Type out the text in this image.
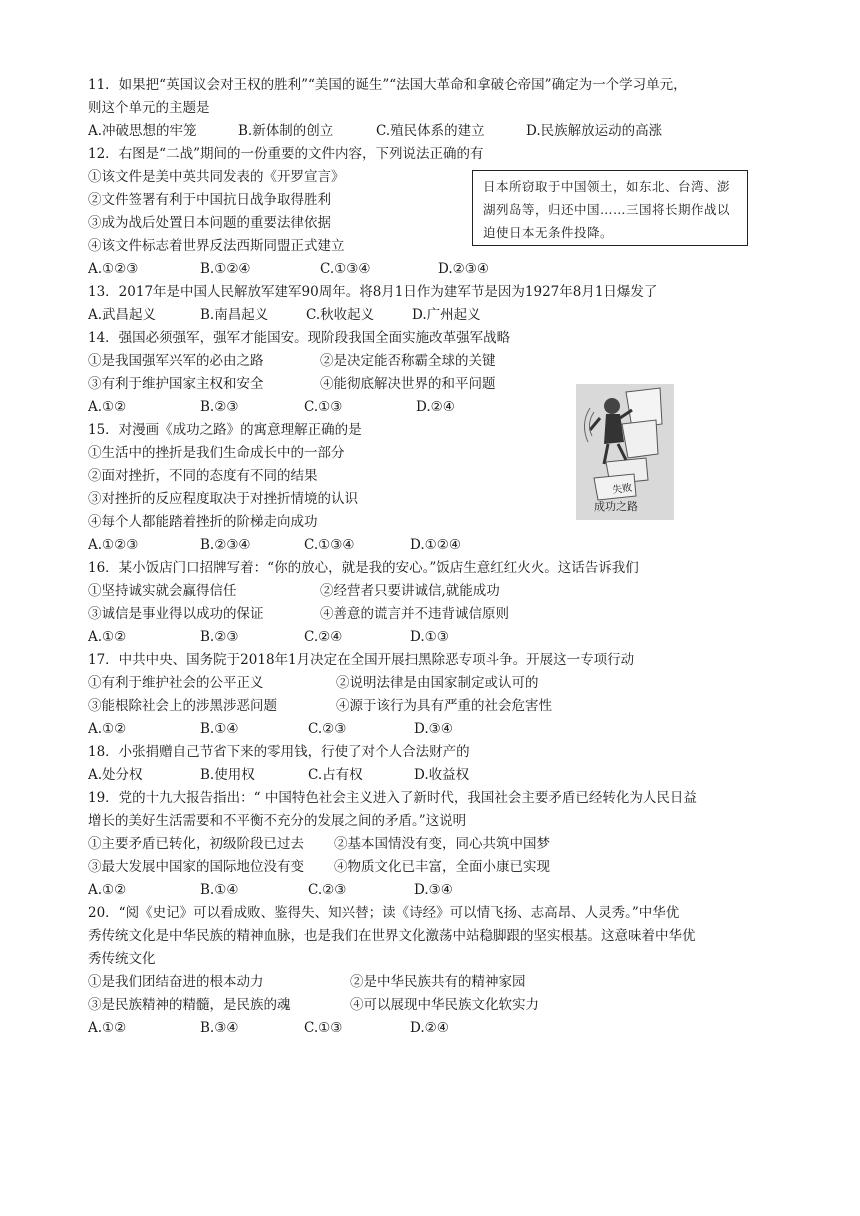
11．如果把“英国议会对王权的胜利”“美国的诞生”“法国大革命和拿破仑帝国”确定为一个学习单元，
则这个单元的主题是
A.冲破思想的牢笼	B.新体制的创立	C.殖民体系的建立	D.民族解放运动的高涨
12．右图是“二战”期间的一份重要的文件内容，下列说法正确的有
①该文件是美中英共同发表的《开罗宣言》
②文件签署有利于中国抗日战争取得胜利
③成为战后处置日本问题的重要法律依据
④该文件标志着世界反法西斯同盟正式建立
A.①②③	B.①②④	C.①③④	D.②③④
13．2017年是中国人民解放军建军90周年。将8月1日作为建军节是因为1927年8月1日爆发了
A.武昌起义	B.南昌起义	C.秋收起义	D.广州起义
14．强国必须强军，强军才能国安。现阶段我国全面实施改革强军战略
①是我国强军兴军的必由之路	②是决定能否称霸全球的关键
③有利于维护国家主权和安全	④能彻底解决世界的和平问题
A.①②	B.②③	C.①③	D.②④
15．对漫画《成功之路》的寓意理解正确的是
①生活中的挫折是我们生命成长中的一部分
②面对挫折，不同的态度有不同的结果
③对挫折的反应程度取决于对挫折情境的认识
④每个人都能踏着挫折的阶梯走向成功
A.①②③	B.②③④	C.①③④	D.①②④
16．某小饭店门口招牌写着：“你的放心，就是我的安心。”饭店生意红红火火。这话告诉我们
①坚持诚实就会赢得信任	②经营者只要讲诚信,就能成功
③诚信是事业得以成功的保证	④善意的谎言并不违背诚信原则
A.①②	B.②③	C.②④	D.①③
17．中共中央、国务院于2018年1月决定在全国开展扫黑除恶专项斗争。开展这一专项行动
①有利于维护社会的公平正义	②说明法律是由国家制定或认可的
③能根除社会上的涉黑涉恶问题	④源于该行为具有严重的社会危害性
A.①②	B.①④	C.②③	D.③④
18．小张捐赠自己节省下来的零用钱，行使了对个人合法财产的
A.处分权	B.使用权	C.占有权	D.收益权
19．党的十九大报告指出：“ 中国特色社会主义进入了新时代，我国社会主要矛盾已经转化为人民日益
增长的美好生活需要和不平衡不充分的发展之间的矛盾。”这说明
①主要矛盾已转化，初级阶段已过去	②基本国情没有变，同心共筑中国梦
③最大发展中国家的国际地位没有变	④物质文化已丰富，全面小康已实现
A.①②	B.①④	C.②③	D.③④
20．“阅《史记》可以看成败、鉴得失、知兴替；读《诗经》可以情飞扬、志高昂、人灵秀。”中华优
秀传统文化是中华民族的精神血脉，也是我们在世界文化激荡中站稳脚跟的坚实根基。这意味着中华优
秀传统文化
①是我们团结奋进的根本动力	②是中华民族共有的精神家园
③是民族精神的精髓，是民族的魂	④可以展现中华民族文化软实力
A.①②	B.③④	C.①③	D.②④
日本所窃取于中国领土，如东北、台湾、澎湖列岛等，归还中国……三国将长期作战以迫使日本无条件投降。
失败
成功之路
